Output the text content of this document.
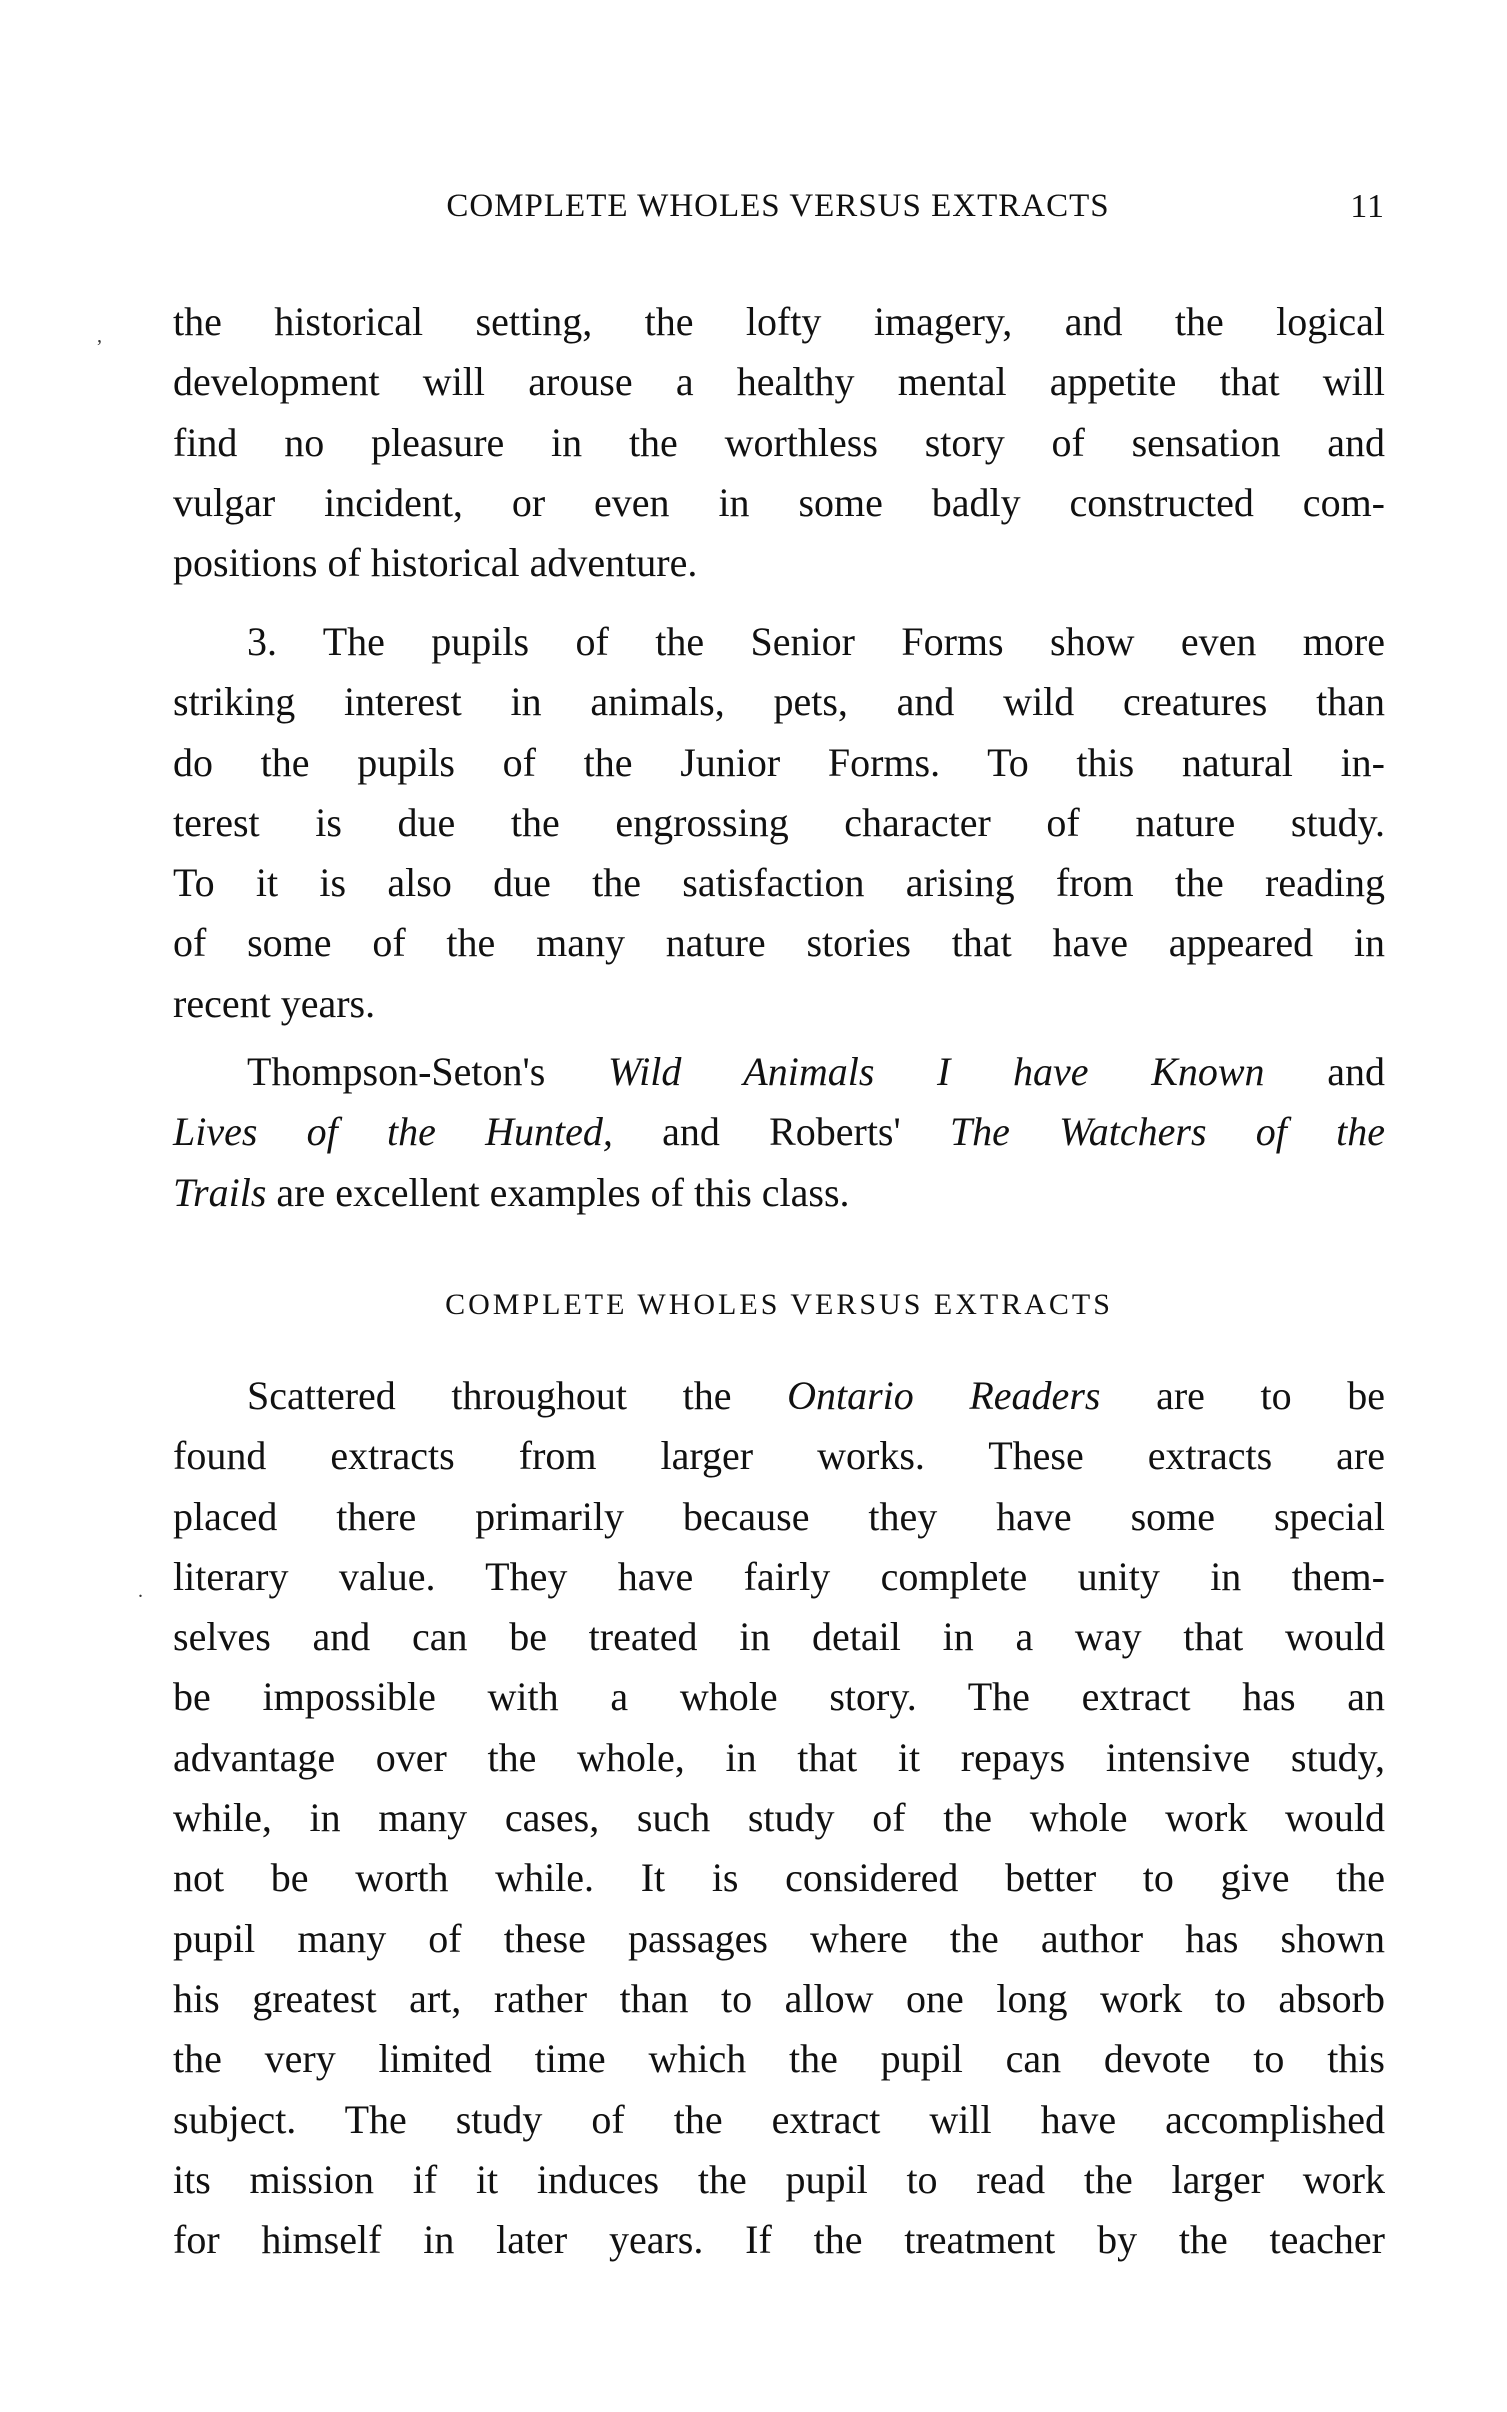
COMPLETE WHOLES VERSUS EXTRACTS	11
the historical setting, the lofty imagery, and the logical
development will arouse a healthy mental appetite that will
find no pleasure in the worthless story of sensation and
vulgar incident, or even in some badly constructed com-
positions of historical adventure.
3. The pupils of the Senior Forms show even more
striking interest in animals, pets, and wild creatures than
do the pupils of the Junior Forms. To this natural in-
terest is due the engrossing character of nature study.
To it is also due the satisfaction arising from the reading
of some of the many nature stories that have appeared in
recent years.
Thompson-Seton's Wild Animals I have Known and
Lives of the Hunted, and Roberts' The Watchers of the
Trails are excellent examples of this class.
COMPLETE WHOLES VERSUS EXTRACTS
Scattered throughout the Ontario Readers are to be
found extracts from larger works. These extracts are
placed there primarily because they have some special
literary value. They have fairly complete unity in them-
selves and can be treated in detail in a way that would
be impossible with a whole story. The extract has an
advantage over the whole, in that it repays intensive study,
while, in many cases, such study of the whole work would
not be worth while. It is considered better to give the
pupil many of these passages where the author has shown
his greatest art, rather than to allow one long work to absorb
the very limited time which the pupil can devote to this
subject. The study of the extract will have accomplished
its mission if it induces the pupil to read the larger work
for himself in later years. If the treatment by the teacher
’
.
